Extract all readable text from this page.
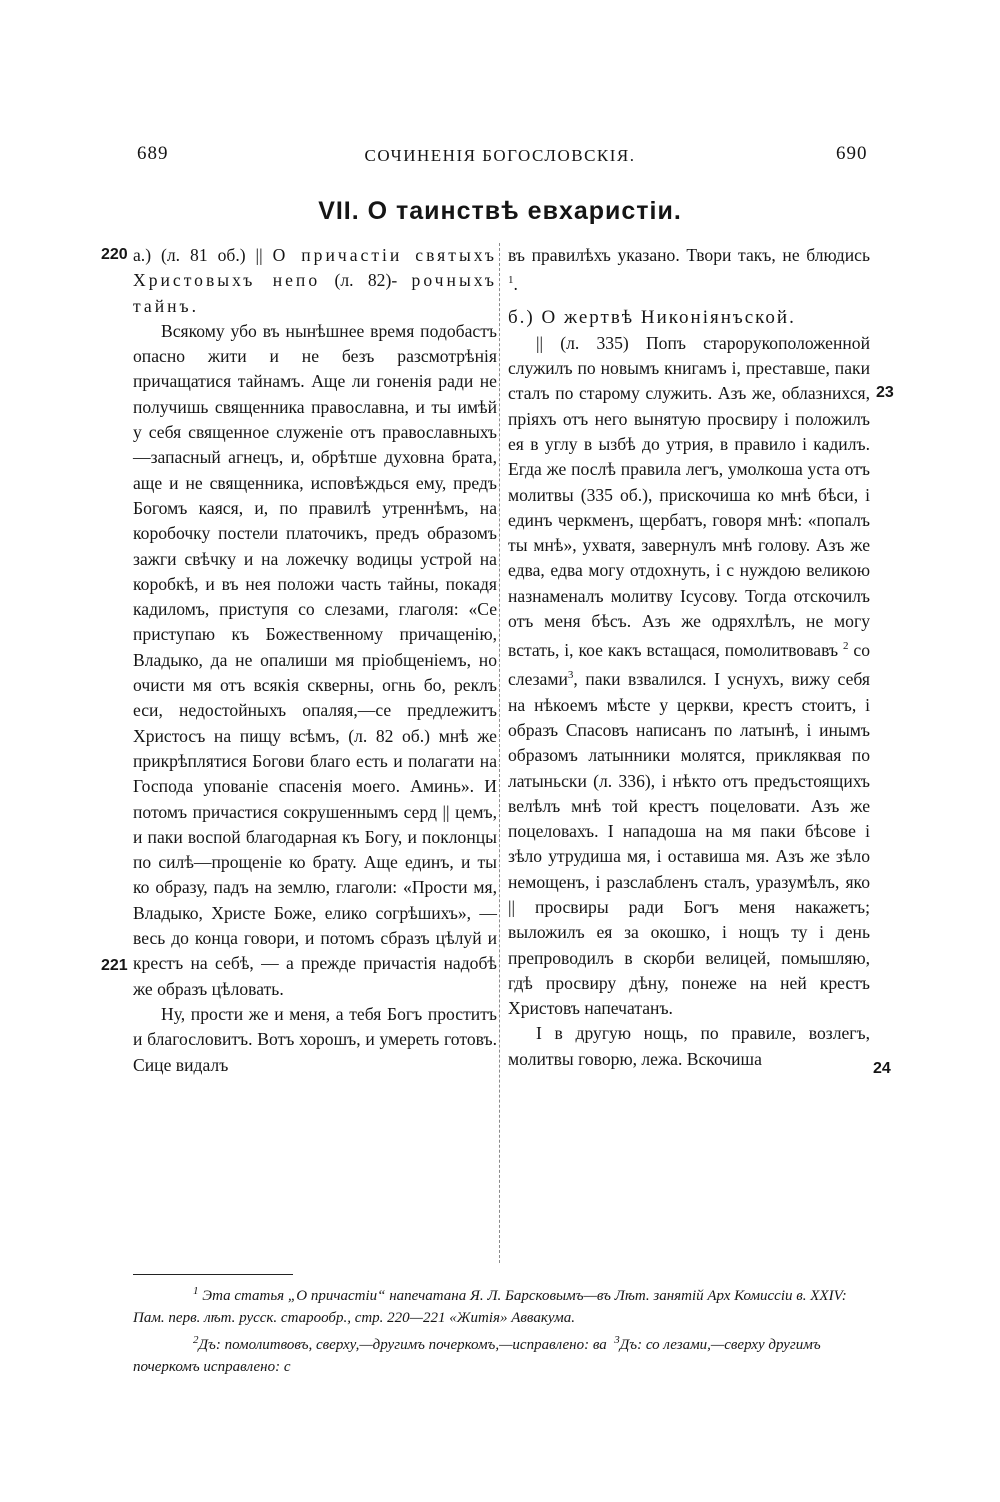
689	СОЧИНЕНІЯ БОГОСЛОВСКІЯ.	690
VII. О таинствѣ евхаристіи.
220
221
23
24

а.) (л. 81 об.) || О причастіи святыхъ Христовыхъ непо (л. 82)- рочныхъ тайнъ.

Всякому убо въ нынѣшнее время подобастъ опасно жити и не безъ разсмотрѣнія причащатися тайнамъ. Аще ли гоненія ради не получишь священника православна, и ты имѣй у себя священное служеніе отъ православныхъ—запасный агнецъ, и, обрѣтше духовна брата, аще и не священника, исповѣждься ему, предъ Богомъ каяся, и, по правилѣ утреннѣмъ, на коробочку постели платочикъ, предъ образомъ зажги свѣчку и на ложечку водицы устрой на коробкѣ, и въ нея положи часть тайны, покадя кадиломъ, приступя со слезами, глаголя: «Се приступаю къ Божественному причащенію, Владыко, да не опалиши мя пріобщеніемъ, но очисти мя отъ всякія скверны, огнь бо, реклъ еси, недостойныхъ опаляя,—се предлежитъ Христосъ на пищу всѣмъ, (л. 82 об.) мнѣ же прикрѣплятися Богови благо есть и полагати на Господа упованіе спасенія моего. Аминь». И потомъ причастися сокрушеннымъ серд || цемъ, и паки воспой благодарная къ Богу, и поклонцы по силѣ—прощеніе ко брату. Аще единъ, и ты ко образу, падъ на землю, глаголи: «Прости мя, Владыко, Христе Боже, елико согрѣшихъ», — весь до конца говори, и потомъ сбразъ цѣлуй и крестъ на себѣ, — а прежде причастія надобѣ же образъ цѣловать.

Ну, прости же и меня, а тебя Богъ проститъ и благословитъ. Вотъ хорошъ, и умереть готовъ. Сице видалъ

въ правилѣхъ указано. Твори такъ, не блюдись $^1$.

б.) О жертвѣ Никоніянъской.

|| (л. 335) Попъ старорукоположенной служилъ по новымъ книгамъ і, преставше, паки сталъ по старому служить. Азъ же, облазнихся, пріяхъ отъ него вынятую просвиру і положилъ ея в углу в ызбѣ до утрия, в правило і кадилъ. Егда же послѣ правила легъ, умолкоша уста отъ молитвы (335 об.), прискочиша ко мнѣ бѣси, і единъ черкменъ, щербатъ, говоря мнѣ: «попалъ ты мнѣ», ухватя, завернулъ мнѣ голову. Азъ же едва, едва могу отдохнуть, і с нуждою великою назнаменалъ молитву Ісусову. Тогда отскочилъ отъ меня бѣсъ. Азъ же одряхлѣлъ, не могу встать, і, кое какъ встащася, помолитвовавъ $^2$ со слезами$^3$, паки взвалился. I уснухъ, вижу себя на нѣкоемъ мѣсте у церкви, крестъ стоитъ, і образъ Спасовъ написанъ по латынѣ, і инымъ образомъ латынники молятся, прикляквая по латыньски (л. 336), і нѣкто отъ предъстоящихъ велѣлъ мнѣ той крестъ поцеловати. Азъ же поцеловахъ. I нападоша на мя паки бѣсове і зѣло утрудиша мя, і оставиша мя. Азъ же зѣло немощенъ, і разслабленъ сталъ, уразумѣлъ, яко || просвиры ради Богъ меня накажетъ; выложилъ ея за окошко, і нощъ ту і день препроводилъ в скорби велицей, помышляю, гдѣ просвиру дѣну, понеже на ней крестъ Христовъ напечатанъ.

I в другую нощь, по правиле, возлегъ, молитвы говорю, лежа. Вскочиша

$^1$ Эта статья „О причастіи“ напечатана Я. Л. Барсковымъ—въ Лѣт. занятій Арх Комиссіи в. XXIV: Пам. перв. лѣт. русск. старообр., стр. 220—221 «Житія» Аввакума.

$^2$Дъ: помолитвовъ, сверху,—другимъ почеркомъ,—исправлено: ва $^3$Дъ: со лезами,—сверху другимъ почеркомъ исправлено: с
